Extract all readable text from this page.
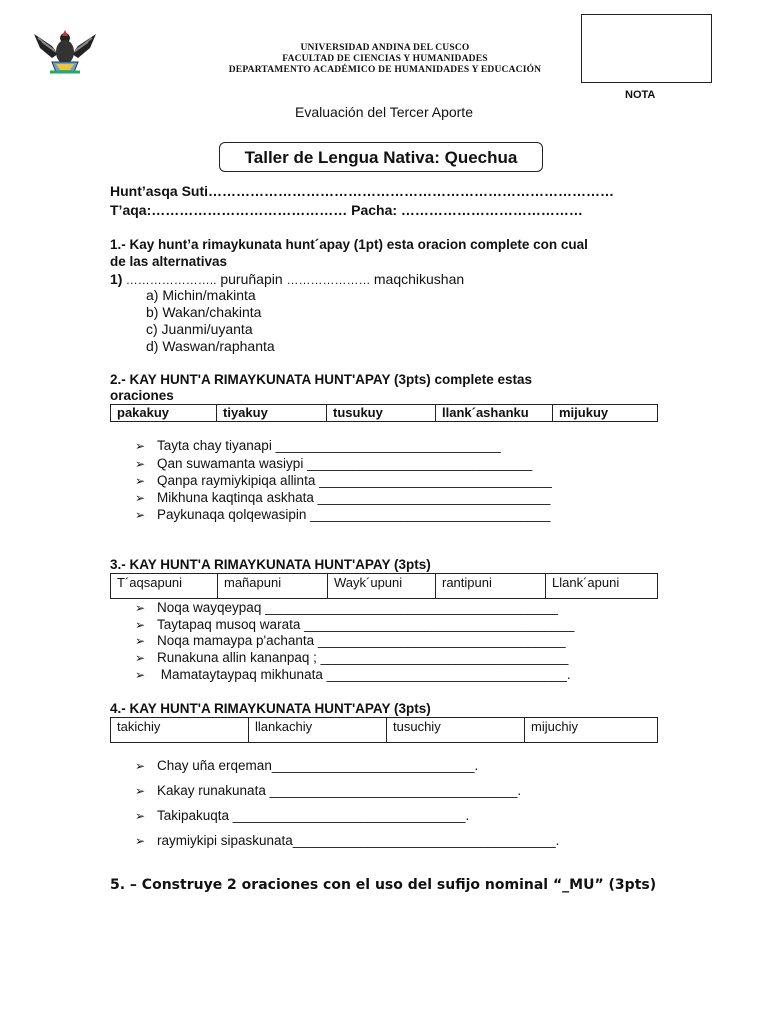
UNIVERSIDAD ANDINA DEL CUSCO
FACULTAD DE CIENCIAS Y HUMANIDADES
DEPARTAMENTO ACADÉMICO DE HUMANIDADES Y EDUCACIÓN
NOTA
Evaluación del Tercer Aporte
Taller de Lengua Nativa: Quechua
Hunt’asqa Suti……………………………………………………………………………
T’aqa:…………………………………… Pacha: …………………………………
1.- Kay hunt’a rimaykunata hunt´apay (1pt) esta oracion complete con cual
de las alternativas
1) ………………….. puruñapin ………………… maqchikushan
a) Michin/makinta
b) Wakan/chakinta
c) Juanmi/uyanta
d) Waswan/raphanta
2.- KAY HUNT'A RIMAYKUNATA HUNT'APAY (3pts) complete estas
oraciones
pakakuy	tiyakuy	tusukuy	llank´ashanku	mijukuy
➢ Tayta chay tiyanapi ______________________________
➢ Qan suwamanta wasiypi ______________________________
➢ Qanpa raymiykipiqa allinta _______________________________
➢ Mikhuna kaqtinqa askhata _______________________________
➢ Paykunaqa qolqewasipin ________________________________
3.- KAY HUNT'A RIMAYKUNATA HUNT'APAY (3pts)
T´aqsapuni	mañapuni	Wayk´upuni	rantipuni	Llank´apuni
➢ Noqa wayqeypaq _______________________________________
➢ Taytapaq musoq warata ____________________________________
➢ Noqa mamaypa p'achanta _________________________________
➢ Runakuna allin kananpaq ; _________________________________
➢ Mamataytaypaq mikhunata ________________________________.
4.- KAY HUNT'A RIMAYKUNATA HUNT'APAY (3pts)
takichiy	llankachiy	tusuchiy	mijuchiy
➢ Chay uña erqeman___________________________.
➢ Kakay runakunata _________________________________.
➢ Takipakuqta _______________________________.
➢ raymiykipi sipaskunata___________________________________.
5. – Construye 2 oraciones con el uso del sufijo nominal “_MU” (3pts)
